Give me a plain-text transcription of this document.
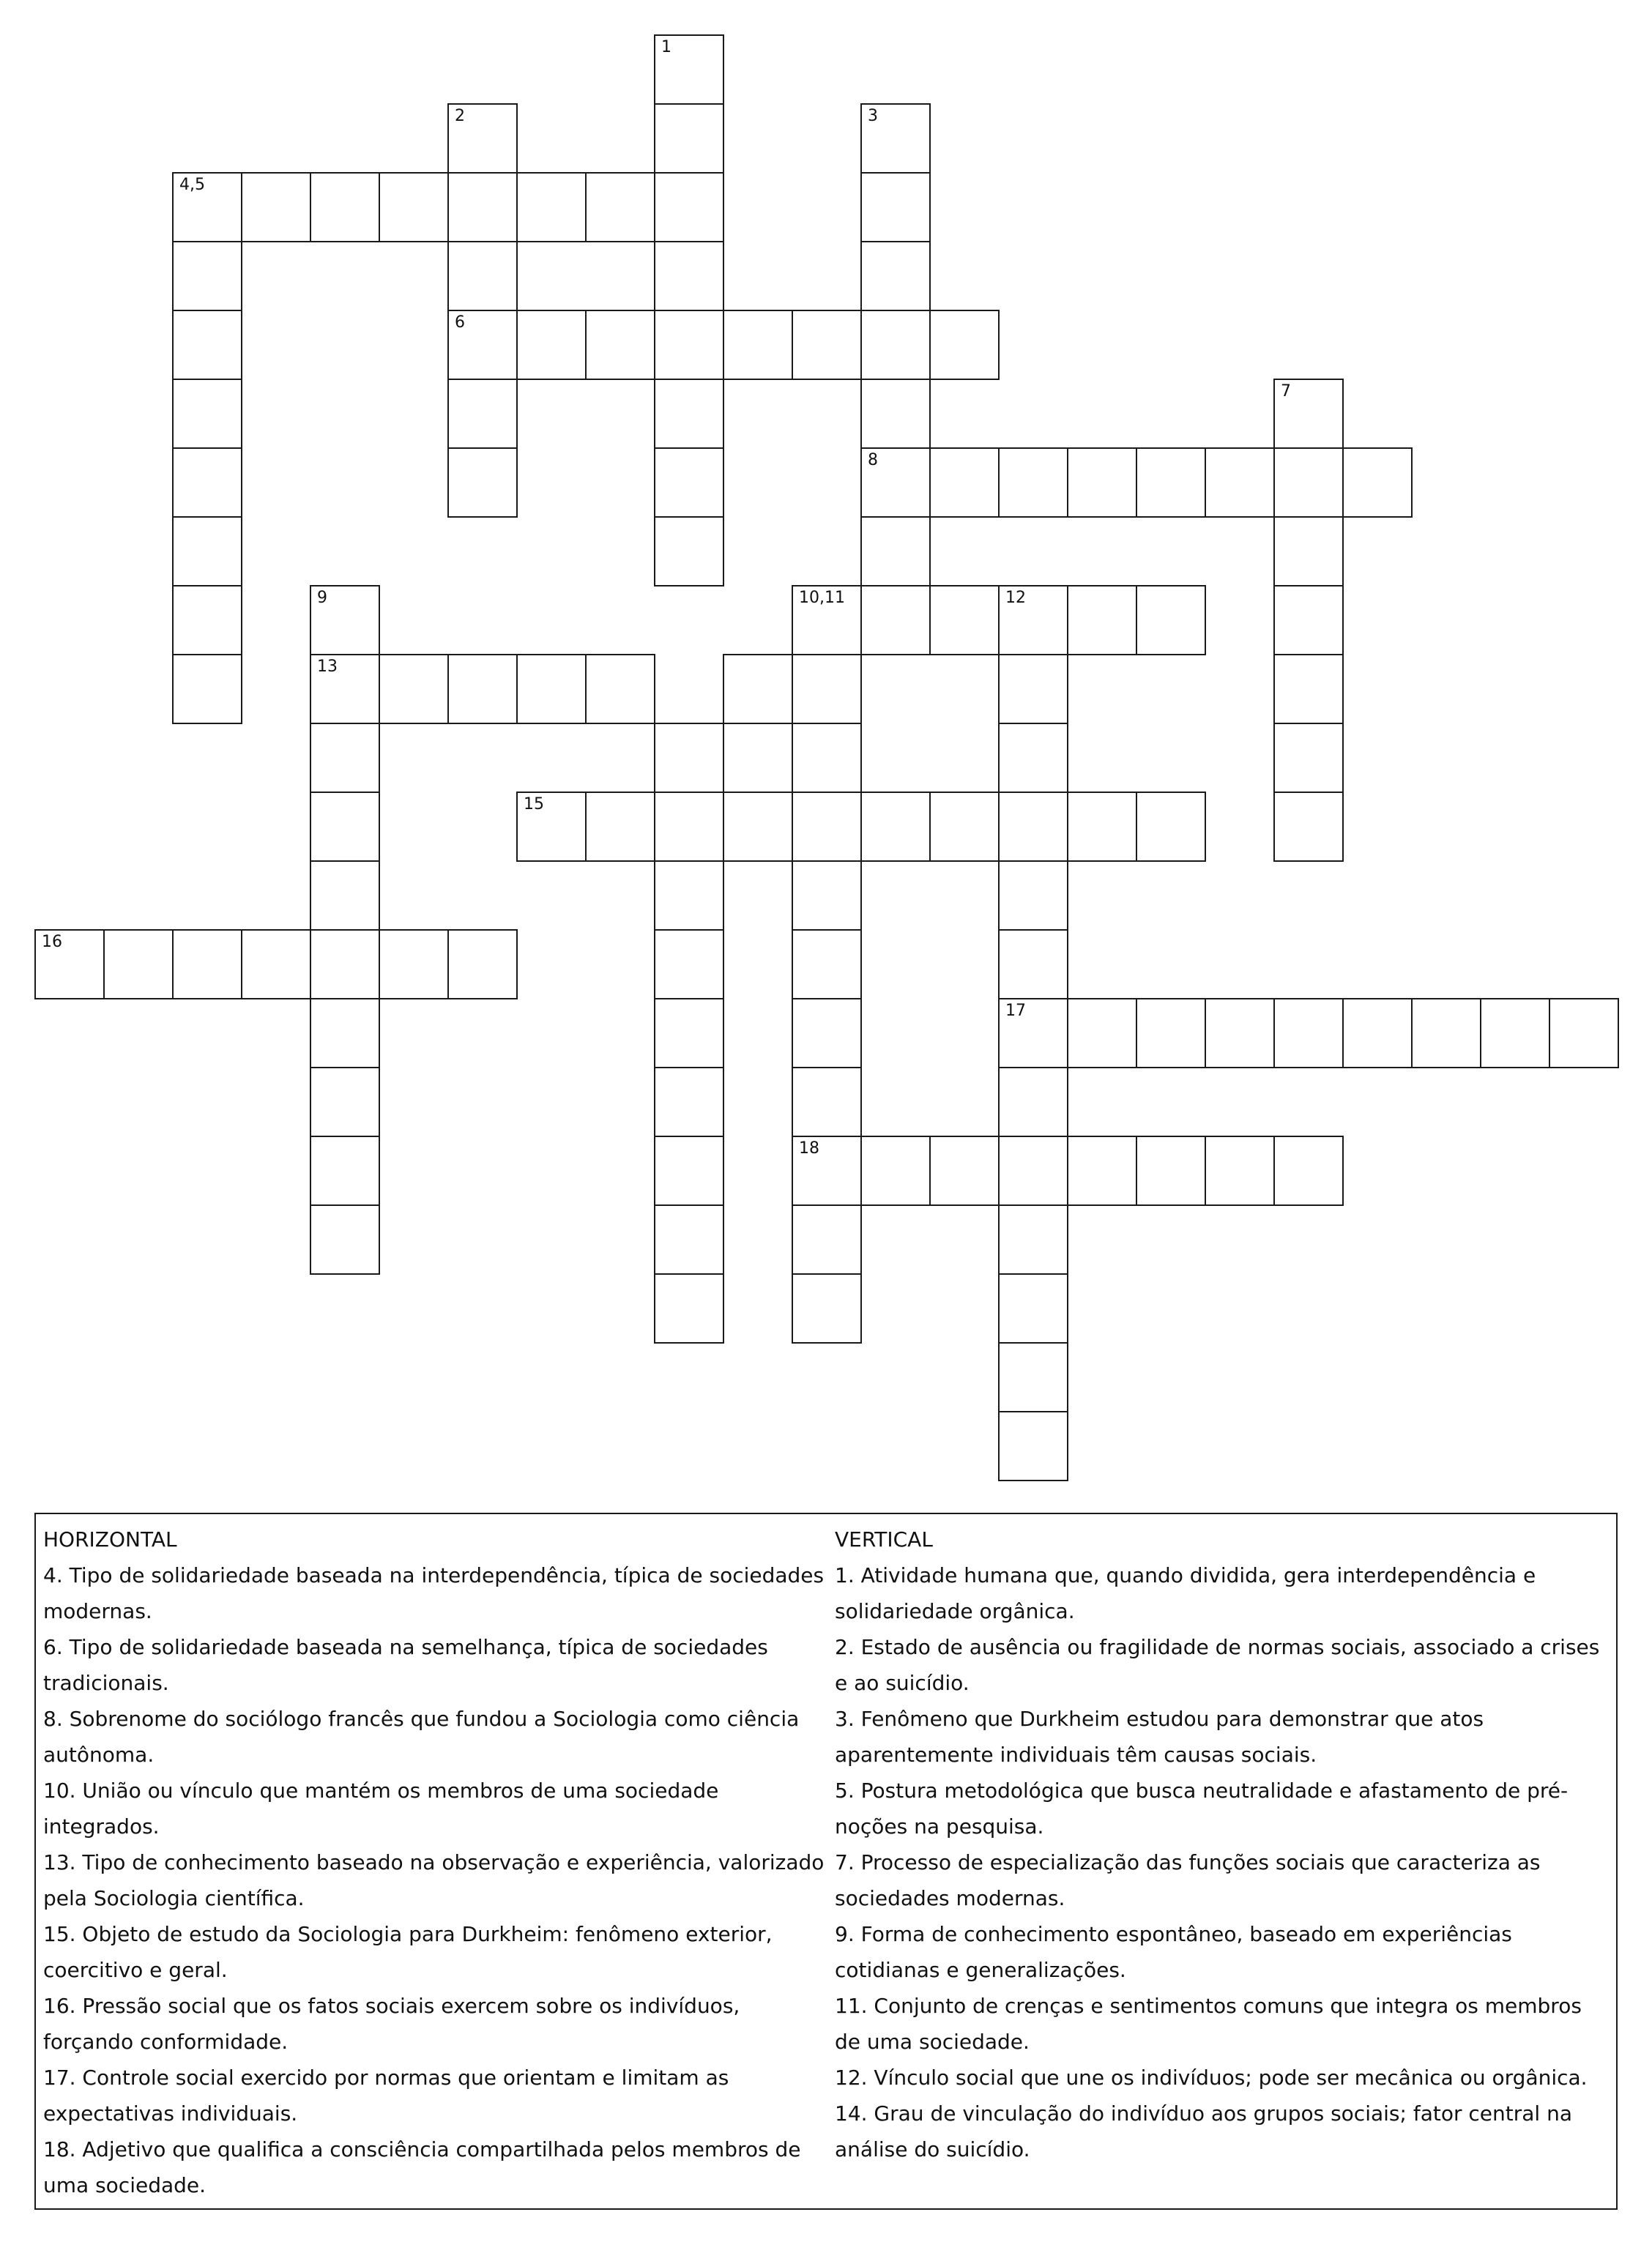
1
2
6
3
8
4,5
7
9
13
10,11	12
18
17
15
16
HORIZONTAL
4. Tipo de solidariedade baseada na interdependência, típica de sociedades modernas.
6. Tipo de solidariedade baseada na semelhança, típica de sociedades tradicionais.
8. Sobrenome do sociólogo francês que fundou a Sociologia como ciência autônoma.
10. União ou vínculo que mantém os membros de uma sociedade integrados.
13. Tipo de conhecimento baseado na observação e experiência, valorizado pela Sociologia científica.
15. Objeto de estudo da Sociologia para Durkheim: fenômeno exterior, coercitivo e geral.
16. Pressão social que os fatos sociais exercem sobre os indivíduos, forçando conformidade.
17. Controle social exercido por normas que orientam e limitam as expectativas individuais.
18. Adjetivo que qualifica a consciência compartilhada pelos membros de uma sociedade.
VERTICAL
1. Atividade humana que, quando dividida, gera interdependência e solidariedade orgânica.
2. Estado de ausência ou fragilidade de normas sociais, associado a crises e ao suicídio.
3. Fenômeno que Durkheim estudou para demonstrar que atos aparentemente individuais têm causas sociais.
5. Postura metodológica que busca neutralidade e afastamento de pré-noções na pesquisa.
7. Processo de especialização das funções sociais que caracteriza as sociedades modernas.
9. Forma de conhecimento espontâneo, baseado em experiências cotidianas e generalizações.
11. Conjunto de crenças e sentimentos comuns que integra os membros de uma sociedade.
12. Vínculo social que une os indivíduos; pode ser mecânica ou orgânica.
14. Grau de vinculação do indivíduo aos grupos sociais; fator central na análise do suicídio.
